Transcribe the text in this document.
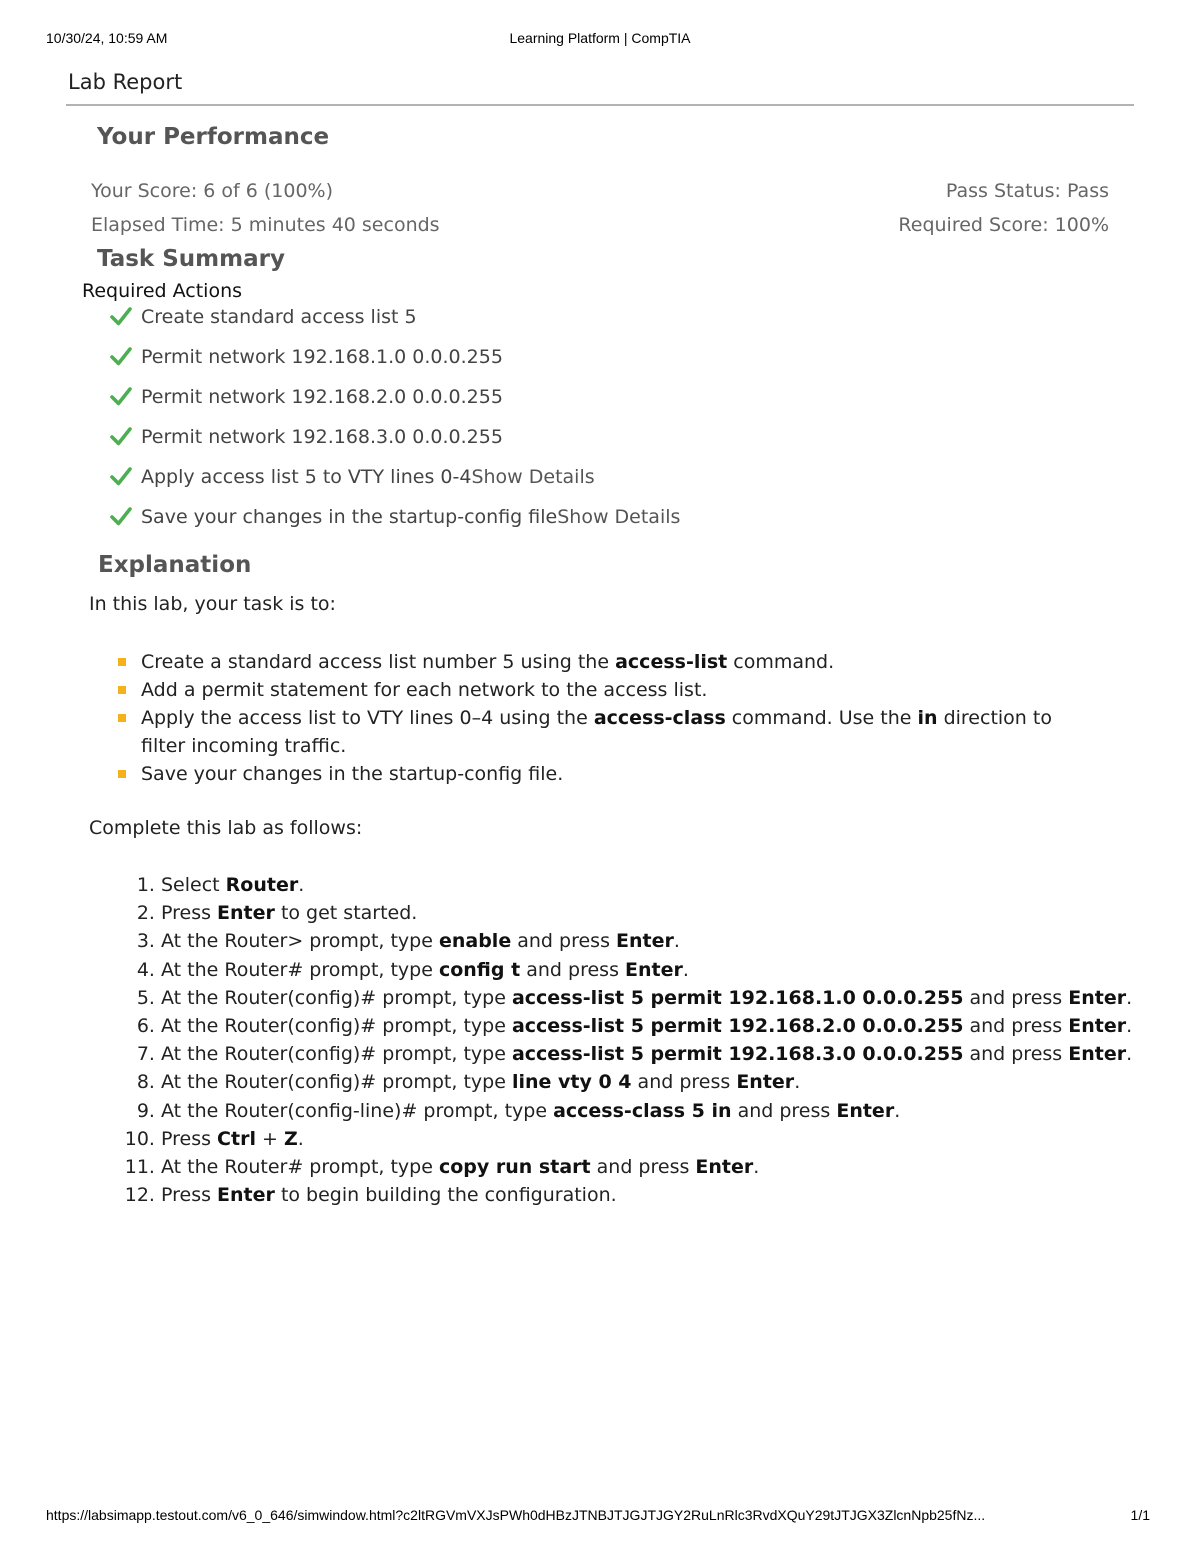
10/30/24, 10:59 AM	Learning Platform | CompTIA
Lab Report
Your Performance
Your Score: 6 of 6 (100%)	Pass Status: Pass
Elapsed Time: 5 minutes 40 seconds	Required Score: 100%
Task Summary
Required Actions
Create standard access list 5
Permit network 192.168.1.0 0.0.0.255
Permit network 192.168.2.0 0.0.0.255
Permit network 192.168.3.0 0.0.0.255
Apply access list 5 to VTY lines 0-4Show Details
Save your changes in the startup-config fileShow Details
Explanation
In this lab, your task is to:
Create a standard access list number 5 using the access-list command.
Add a permit statement for each network to the access list.
Apply the access list to VTY lines 0–4 using the access-class command. Use the in direction to filter incoming traffic.
Save your changes in the startup-config file.
Complete this lab as follows:
1. Select Router.
2. Press Enter to get started.
3. At the Router> prompt, type enable and press Enter.
4. At the Router# prompt, type config t and press Enter.
5. At the Router(config)# prompt, type access-list 5 permit 192.168.1.0 0.0.0.255 and press Enter.
6. At the Router(config)# prompt, type access-list 5 permit 192.168.2.0 0.0.0.255 and press Enter.
7. At the Router(config)# prompt, type access-list 5 permit 192.168.3.0 0.0.0.255 and press Enter.
8. At the Router(config)# prompt, type line vty 0 4 and press Enter.
9. At the Router(config-line)# prompt, type access-class 5 in and press Enter.
10. Press Ctrl + Z.
11. At the Router# prompt, type copy run start and press Enter.
12. Press Enter to begin building the configuration.
https://labsimapp.testout.com/v6_0_646/simwindow.html?c2ltRGVmVXJsPWh0dHBzJTNBJTJGJTJGY2RuLnRlc3RvdXQuY29tJTJGX3ZlcnNpb25fNz...	1/1
